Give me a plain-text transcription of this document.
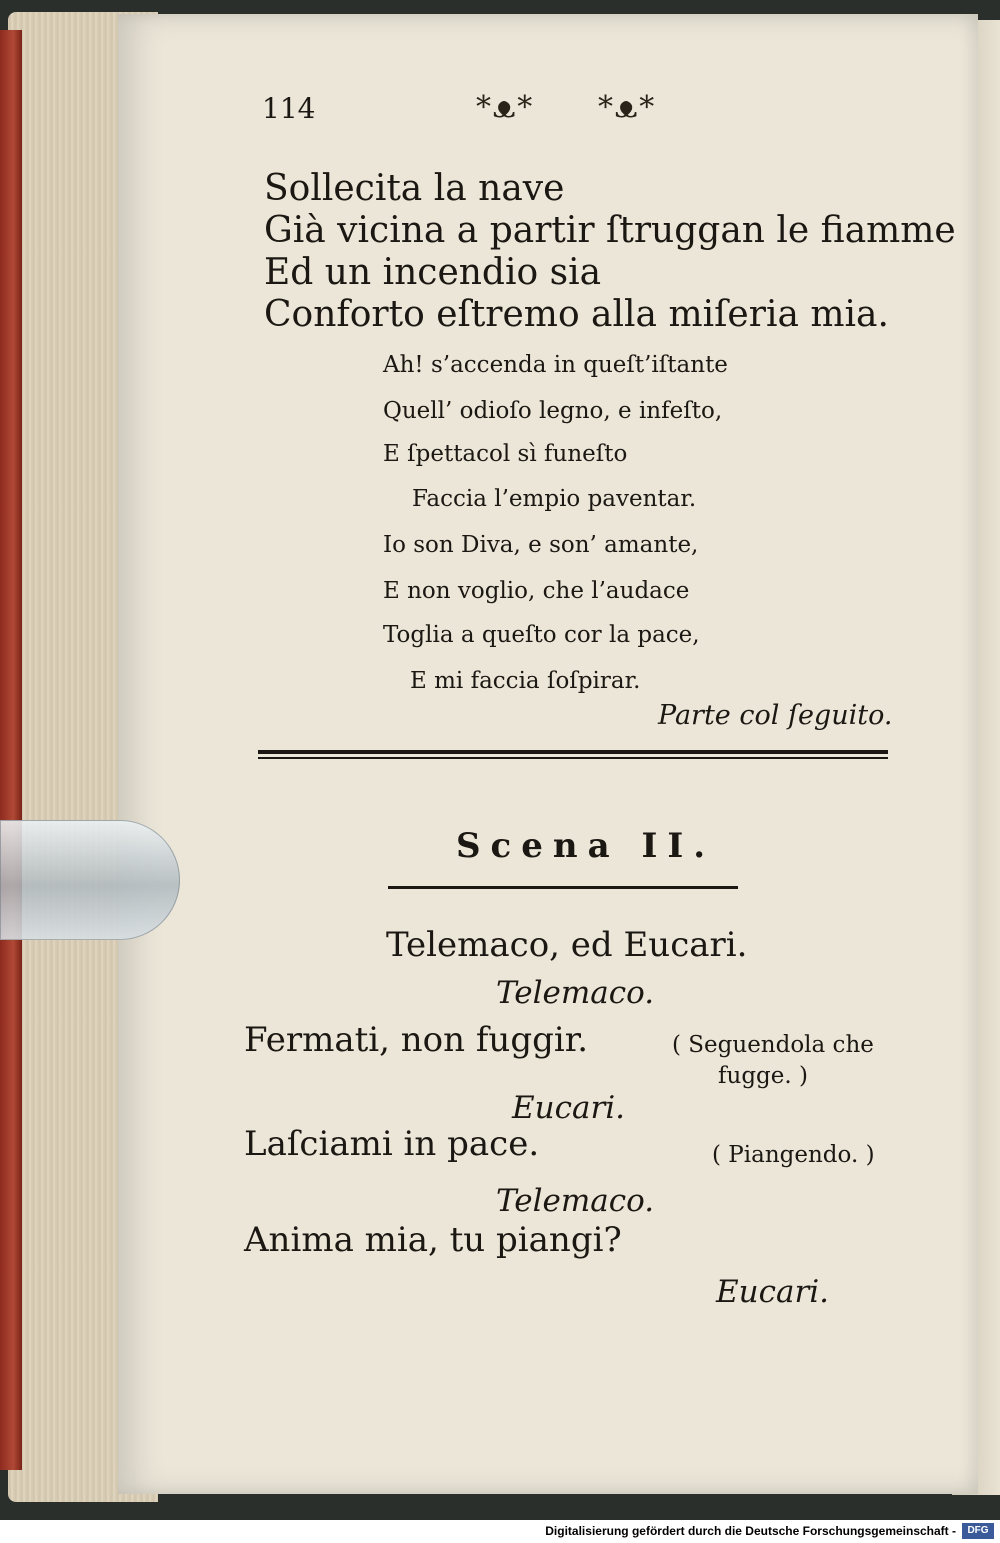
114	*ᴥ* *ᴥ*
Sollecita la nave
Già vicina a partir ſtruggan le fiamme
Ed un incendio sia
Conforto eſtremo alla miſeria mia.
Ah! s’accenda in queſt’iſtante
Quell’ odioſo legno, e infeſto,
E ſpettacol sì funeſto
Faccia l’empio paventar.
Io son Diva, e son’ amante,
E non voglio, che l’audace
Toglia a queſto cor la pace,
E mi faccia ſoſpirar.
Parte col ſeguito.
Scena II.
Telemaco, ed Eucari.
Telemaco.
Fermati, non fuggir.	( Seguendola che
fugge. )
Eucari.
Laſciami in pace.	( Piangendo. )
Telemaco.
Anima mia, tu piangi?
Eucari.
Digitalisierung gefördert durch die Deutsche Forschungsgemeinschaft -	DFG
